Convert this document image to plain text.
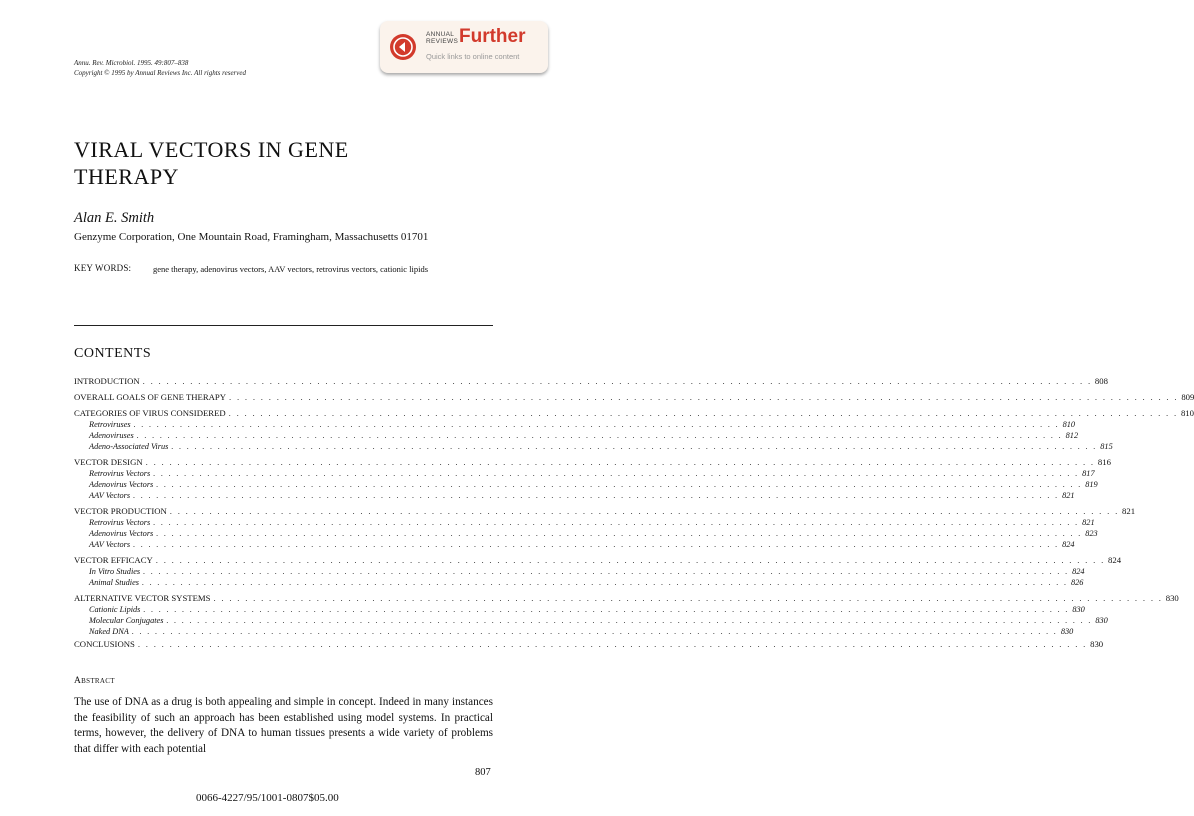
ANNUAL
REVIEWS Further
Quick links to online content
Annu. Rev. Microbiol. 1995. 49:807–838
Copyright © 1995 by Annual Reviews Inc. All rights reserved
VIRAL VECTORS IN GENE
THERAPY
Alan E. Smith
Genzyme Corporation, One Mountain Road, Framingham, Massachusetts 01701
KEY WORDS:	gene therapy, adenovirus vectors, AAV vectors, retrovirus vectors, cationic lipids
CONTENTS
INTRODUCTION . . . . . . . . . . . . . . . . . . . . . . . . . . . . . . . . . . . . . . . . . . . . . . . . . . . . . . . . . . . . . . . . . . . . . . . . . . . . . . . . . . . . . . . . . . . . . . . . . . . . . . . . . . . . . . . . . . . . . . . . 808
OVERALL GOALS OF GENE THERAPY . . . . . . . . . . . . . . . . . . . . . . . . . . . . . . . . . . . . . . . . . . . . . . . . . . . . . . . . . . . . . . . . . . . . . . . . . . . . . . . . . . . . . . . . . . . . . . . . . . . . . . . . . . . . . . . . . . . . . . . . 809
CATEGORIES OF VIRUS CONSIDERED . . . . . . . . . . . . . . . . . . . . . . . . . . . . . . . . . . . . . . . . . . . . . . . . . . . . . . . . . . . . . . . . . . . . . . . . . . . . . . . . . . . . . . . . . . . . . . . . . . . . . . . . . . . . . . . . . . . . . . . . 810
Retroviruses . . . . . . . . . . . . . . . . . . . . . . . . . . . . . . . . . . . . . . . . . . . . . . . . . . . . . . . . . . . . . . . . . . . . . . . . . . . . . . . . . . . . . . . . . . . . . . . . . . . . . . . . . . . . . . . . . . . . . . . . 810
Adenoviruses . . . . . . . . . . . . . . . . . . . . . . . . . . . . . . . . . . . . . . . . . . . . . . . . . . . . . . . . . . . . . . . . . . . . . . . . . . . . . . . . . . . . . . . . . . . . . . . . . . . . . . . . . . . . . . . . . . . . . . . . 812
Adeno-Associated Virus . . . . . . . . . . . . . . . . . . . . . . . . . . . . . . . . . . . . . . . . . . . . . . . . . . . . . . . . . . . . . . . . . . . . . . . . . . . . . . . . . . . . . . . . . . . . . . . . . . . . . . . . . . . . . . . . . . . . . . . . 815
VECTOR DESIGN . . . . . . . . . . . . . . . . . . . . . . . . . . . . . . . . . . . . . . . . . . . . . . . . . . . . . . . . . . . . . . . . . . . . . . . . . . . . . . . . . . . . . . . . . . . . . . . . . . . . . . . . . . . . . . . . . . . . . . . . 816
Retrovirus Vectors . . . . . . . . . . . . . . . . . . . . . . . . . . . . . . . . . . . . . . . . . . . . . . . . . . . . . . . . . . . . . . . . . . . . . . . . . . . . . . . . . . . . . . . . . . . . . . . . . . . . . . . . . . . . . . . . . . . . . . . . 817
Adenovirus Vectors . . . . . . . . . . . . . . . . . . . . . . . . . . . . . . . . . . . . . . . . . . . . . . . . . . . . . . . . . . . . . . . . . . . . . . . . . . . . . . . . . . . . . . . . . . . . . . . . . . . . . . . . . . . . . . . . . . . . . . . . 819
AAV Vectors . . . . . . . . . . . . . . . . . . . . . . . . . . . . . . . . . . . . . . . . . . . . . . . . . . . . . . . . . . . . . . . . . . . . . . . . . . . . . . . . . . . . . . . . . . . . . . . . . . . . . . . . . . . . . . . . . . . . . . . . 821
VECTOR PRODUCTION . . . . . . . . . . . . . . . . . . . . . . . . . . . . . . . . . . . . . . . . . . . . . . . . . . . . . . . . . . . . . . . . . . . . . . . . . . . . . . . . . . . . . . . . . . . . . . . . . . . . . . . . . . . . . . . . . . . . . . . . 821
Retrovirus Vectors . . . . . . . . . . . . . . . . . . . . . . . . . . . . . . . . . . . . . . . . . . . . . . . . . . . . . . . . . . . . . . . . . . . . . . . . . . . . . . . . . . . . . . . . . . . . . . . . . . . . . . . . . . . . . . . . . . . . . . . . 821
Adenovirus Vectors . . . . . . . . . . . . . . . . . . . . . . . . . . . . . . . . . . . . . . . . . . . . . . . . . . . . . . . . . . . . . . . . . . . . . . . . . . . . . . . . . . . . . . . . . . . . . . . . . . . . . . . . . . . . . . . . . . . . . . . . 823
AAV Vectors . . . . . . . . . . . . . . . . . . . . . . . . . . . . . . . . . . . . . . . . . . . . . . . . . . . . . . . . . . . . . . . . . . . . . . . . . . . . . . . . . . . . . . . . . . . . . . . . . . . . . . . . . . . . . . . . . . . . . . . . 824
VECTOR EFFICACY . . . . . . . . . . . . . . . . . . . . . . . . . . . . . . . . . . . . . . . . . . . . . . . . . . . . . . . . . . . . . . . . . . . . . . . . . . . . . . . . . . . . . . . . . . . . . . . . . . . . . . . . . . . . . . . . . . . . . . . . 824
In Vitro Studies . . . . . . . . . . . . . . . . . . . . . . . . . . . . . . . . . . . . . . . . . . . . . . . . . . . . . . . . . . . . . . . . . . . . . . . . . . . . . . . . . . . . . . . . . . . . . . . . . . . . . . . . . . . . . . . . . . . . . . . . 824
Animal Studies . . . . . . . . . . . . . . . . . . . . . . . . . . . . . . . . . . . . . . . . . . . . . . . . . . . . . . . . . . . . . . . . . . . . . . . . . . . . . . . . . . . . . . . . . . . . . . . . . . . . . . . . . . . . . . . . . . . . . . . . 826
ALTERNATIVE VECTOR SYSTEMS . . . . . . . . . . . . . . . . . . . . . . . . . . . . . . . . . . . . . . . . . . . . . . . . . . . . . . . . . . . . . . . . . . . . . . . . . . . . . . . . . . . . . . . . . . . . . . . . . . . . . . . . . . . . . . . . . . . . . . . . 830
Cationic Lipids . . . . . . . . . . . . . . . . . . . . . . . . . . . . . . . . . . . . . . . . . . . . . . . . . . . . . . . . . . . . . . . . . . . . . . . . . . . . . . . . . . . . . . . . . . . . . . . . . . . . . . . . . . . . . . . . . . . . . . . . 830
Molecular Conjugates . . . . . . . . . . . . . . . . . . . . . . . . . . . . . . . . . . . . . . . . . . . . . . . . . . . . . . . . . . . . . . . . . . . . . . . . . . . . . . . . . . . . . . . . . . . . . . . . . . . . . . . . . . . . . . . . . . . . . . . . 830
Naked DNA . . . . . . . . . . . . . . . . . . . . . . . . . . . . . . . . . . . . . . . . . . . . . . . . . . . . . . . . . . . . . . . . . . . . . . . . . . . . . . . . . . . . . . . . . . . . . . . . . . . . . . . . . . . . . . . . . . . . . . . . 830
CONCLUSIONS . . . . . . . . . . . . . . . . . . . . . . . . . . . . . . . . . . . . . . . . . . . . . . . . . . . . . . . . . . . . . . . . . . . . . . . . . . . . . . . . . . . . . . . . . . . . . . . . . . . . . . . . . . . . . . . . . . . . . . . . 830
Abstract
The use of DNA as a drug is both appealing and simple in concept. Indeed in many instances the feasibility of such an approach has been established using model systems. In practical terms, however, the delivery of DNA to human tissues presents a wide variety of problems that differ with each potential
807
0066-4227/95/1001-0807$05.00
